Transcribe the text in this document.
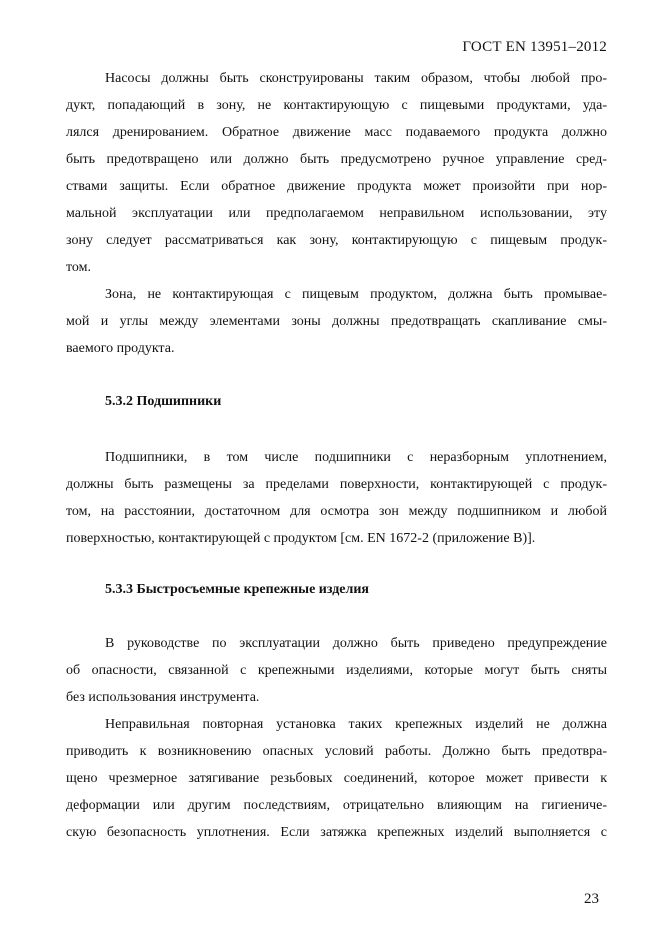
ГОСТ EN 13951–2012
Насосы должны быть сконструированы таким образом, чтобы любой про-
дукт, попадающий в зону, не контактирующую с пищевыми продуктами, уда-
лялся дренированием. Обратное движение масс подаваемого продукта должно
быть предотвращено или должно быть предусмотрено ручное управление сред-
ствами защиты. Если обратное движение продукта может произойти при нор-
мальной эксплуатации или предполагаемом неправильном использовании, эту
зону следует рассматриваться как зону, контактирующую с пищевым продук-
том.
Зона, не контактирующая с пищевым продуктом, должна быть промывае-
мой и углы между элементами зоны должны предотвращать скапливание смы-
ваемого продукта.
5.3.2 Подшипники
Подшипники, в том числе подшипники с неразборным уплотнением,
должны быть размещены за пределами поверхности, контактирующей с продук-
том, на расстоянии, достаточном для осмотра зон между подшипником и любой
поверхностью, контактирующей с продуктом [см. EN 1672-2 (приложение В)].
5.3.3 Быстросъемные крепежные изделия
В руководстве по эксплуатации должно быть приведено предупреждение
об опасности, связанной с крепежными изделиями, которые могут быть сняты
без использования инструмента.
Неправильная повторная установка таких крепежных изделий не должна
приводить к возникновению опасных условий работы. Должно быть предотвра-
щено чрезмерное затягивание резьбовых соединений, которое может привести к
деформации или другим последствиям, отрицательно влияющим на гигиениче-
скую безопасность уплотнения. Если затяжка крепежных изделий выполняется с
23
